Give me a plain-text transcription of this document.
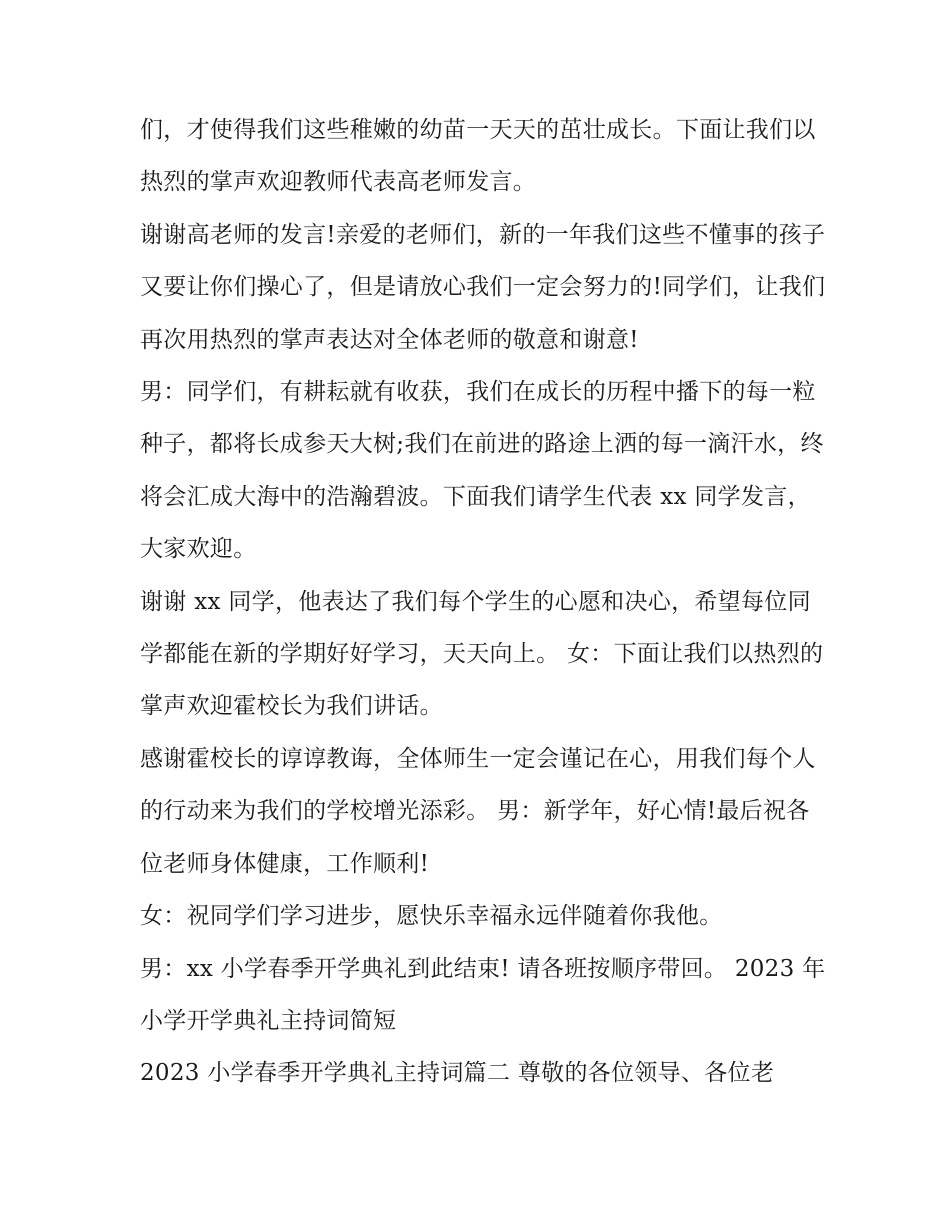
们，才使得我们这些稚嫩的幼苗一天天的茁壮成长。下面让我们以热烈的掌声欢迎教师代表高老师发言。

谢谢高老师的发言!亲爱的老师们，新的一年我们这些不懂事的孩子又要让你们操心了，但是请放心我们一定会努力的!同学们，让我们再次用热烈的掌声表达对全体老师的敬意和谢意!

男：同学们，有耕耘就有收获，我们在成长的历程中播下的每一粒种子，都将长成参天大树;我们在前进的路途上洒的每一滴汗水，终将会汇成大海中的浩瀚碧波。下面我们请学生代表 xx 同学发言，大家欢迎。

谢谢 xx 同学，他表达了我们每个学生的心愿和决心，希望每位同学都能在新的学期好好学习，天天向上。 女：下面让我们以热烈的掌声欢迎霍校长为我们讲话。

感谢霍校长的谆谆教诲，全体师生一定会谨记在心，用我们每个人的行动来为我们的学校增光添彩。 男：新学年，好心情!最后祝各位老师身体健康，工作顺利!

女：祝同学们学习进步，愿快乐幸福永远伴随着你我他。

男：xx 小学春季开学典礼到此结束! 请各班按顺序带回。 2023 年小学开学典礼主持词简短

2023 小学春季开学典礼主持词篇二 尊敬的各位领导、各位老
